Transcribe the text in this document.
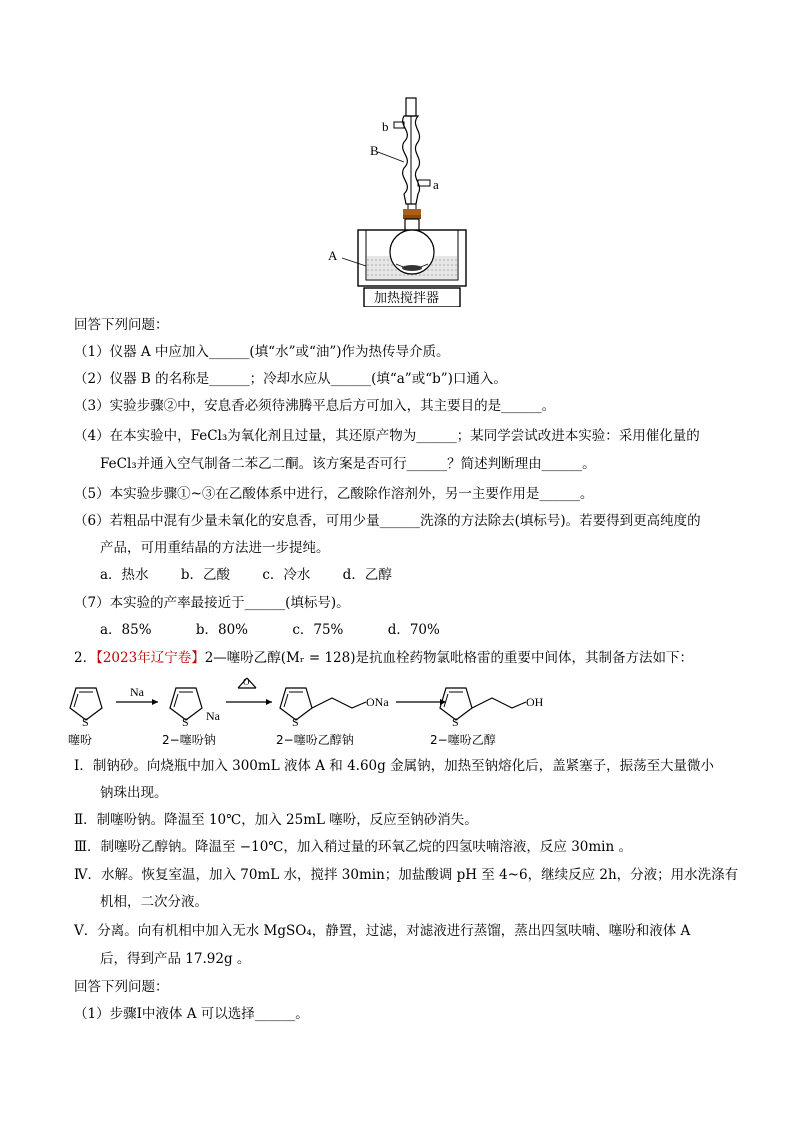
b
B
a
A
加热搅拌器
回答下列问题：
（1）仪器 A 中应加入______(填“水”或“油”)作为热传导介质。
（2）仪器 B 的名称是______；冷却水应从______(填“a”或“b”)口通入。
（3）实验步骤②中，安息香必须待沸腾平息后方可加入，其主要目的是______。
（4）在本实验中，FeCl₃为氧化剂且过量，其还原产物为______；某同学尝试改进本实验：采用催化量的
FeCl₃并通入空气制备二苯乙二酮。该方案是否可行______？简述判断理由______。
（5）本实验步骤①~③在乙酸体系中进行，乙酸除作溶剂外，另一主要作用是______。
（6）若粗品中混有少量未氧化的安息香，可用少量______洗涤的方法除去(填标号)。若要得到更高纯度的
产品，可用重结晶的方法进一步提纯。
a．热水 b．乙酸 c．冷水 d．乙醇
（7）本实验的产率最接近于______(填标号)。
a．85%	b．80%	c．75%	d．70%
2．【2023年辽宁卷】2—噻吩乙醇(Mᵣ = 128)是抗血栓药物氯吡格雷的重要中间体，其制备方法如下：
S
噻吩
Na
S Na
2−噻吩钠
O
S
ONa
2−噻吩乙醇钠
S
OH
2−噻吩乙醇
Ⅰ．制钠砂。向烧瓶中加入 300mL 液体 A 和 4.60g 金属钠，加热至钠熔化后，盖紧塞子，振荡至大量微小
钠珠出现。
Ⅱ．制噻吩钠。降温至 10℃，加入 25mL 噻吩，反应至钠砂消失。
Ⅲ．制噻吩乙醇钠。降温至 −10℃，加入稍过量的环氧乙烷的四氢呋喃溶液，反应 30min 。
Ⅳ．水解。恢复室温，加入 70mL 水，搅拌 30min；加盐酸调 pH 至 4~6，继续反应 2h，分液；用水洗涤有
机相，二次分液。
Ⅴ．分离。向有机相中加入无水 MgSO₄，静置，过滤，对滤液进行蒸馏，蒸出四氢呋喃、噻吩和液体 A
后，得到产品 17.92g 。
回答下列问题：
（1）步骤Ⅰ中液体 A 可以选择______。
